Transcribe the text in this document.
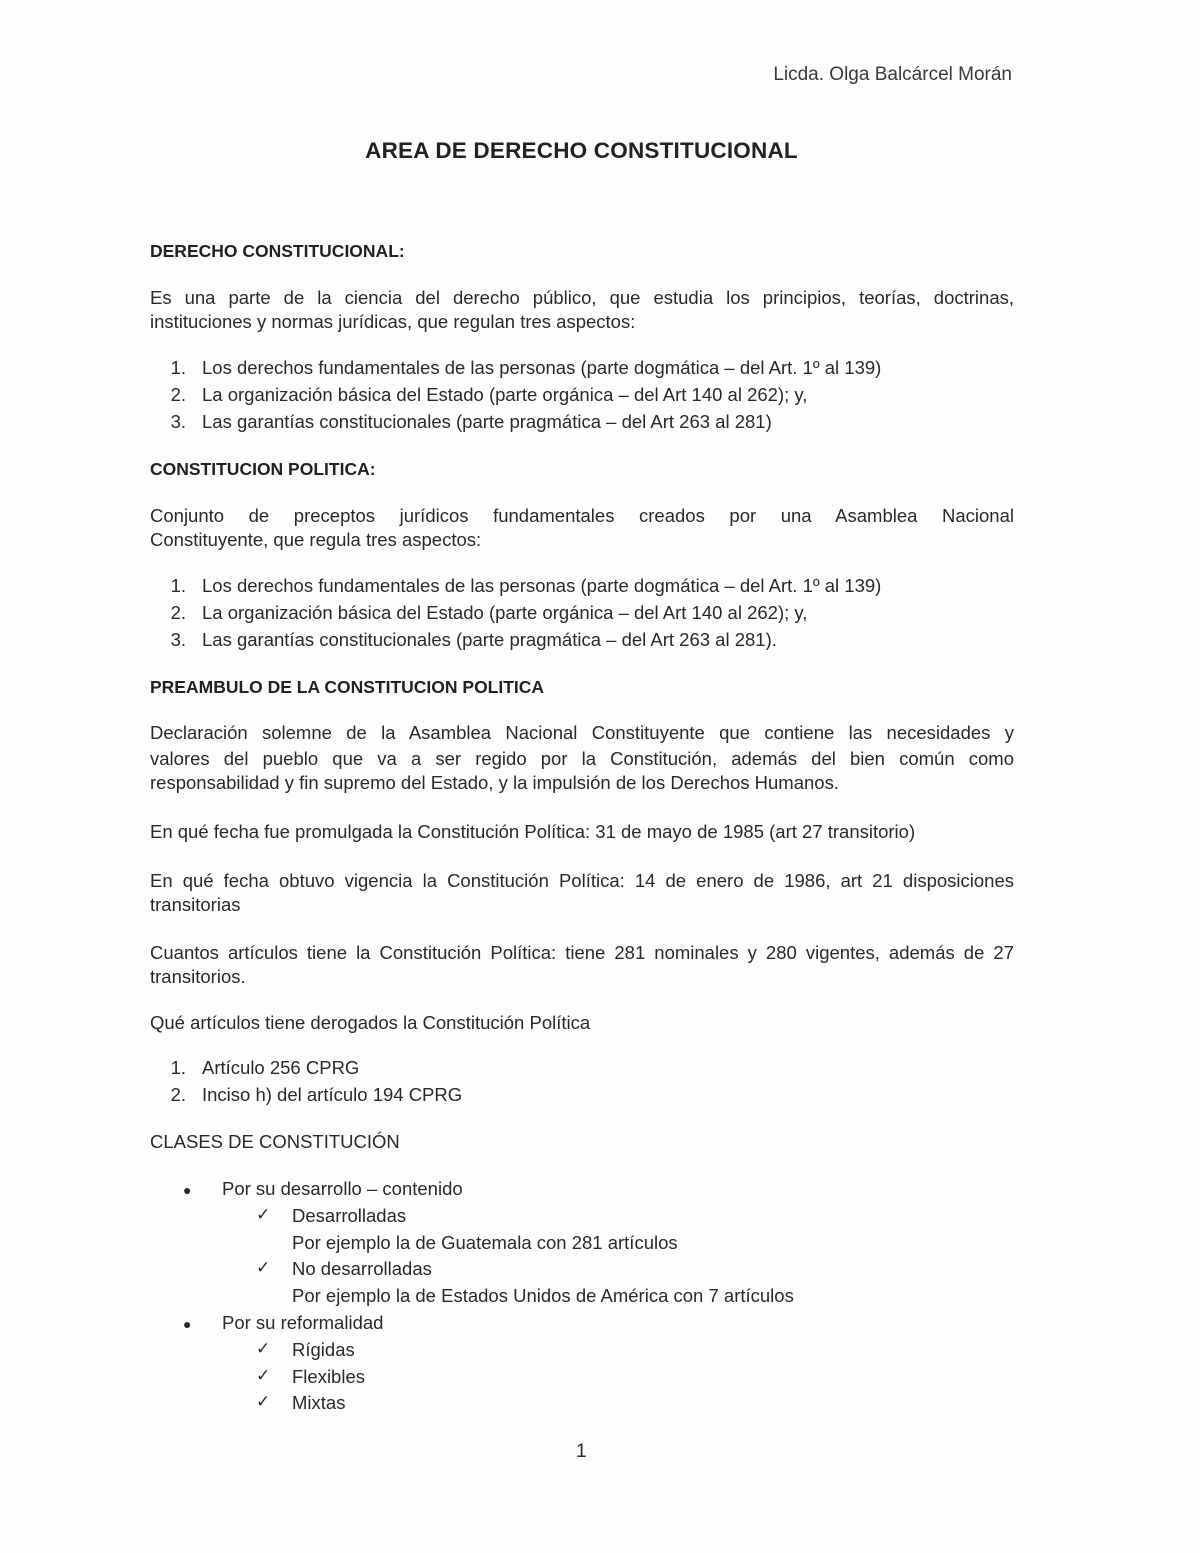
Licda. Olga Balcárcel Morán
AREA DE DERECHO CONSTITUCIONAL
DERECHO CONSTITUCIONAL:
Es una parte de la ciencia del derecho público, que estudia los principios, teorías, doctrinas,
instituciones y normas jurídicas, que regulan tres aspectos:
1. Los derechos fundamentales de las personas (parte dogmática – del Art. 1º al 139)
2. La organización básica del Estado (parte orgánica – del Art 140 al 262); y,
3. Las garantías constitucionales (parte pragmática – del Art 263 al 281)
CONSTITUCION POLITICA:
Conjunto de preceptos jurídicos fundamentales creados por una Asamblea Nacional
Constituyente, que regula tres aspectos:
1. Los derechos fundamentales de las personas (parte dogmática – del Art. 1º al 139)
2. La organización básica del Estado (parte orgánica – del Art 140 al 262); y,
3. Las garantías constitucionales (parte pragmática – del Art 263 al 281).
PREAMBULO DE LA CONSTITUCION POLITICA
Declaración solemne de la Asamblea Nacional Constituyente que contiene las necesidades y
valores del pueblo que va a ser regido por la Constitución, además del bien común como
responsabilidad y fin supremo del Estado, y la impulsión de los Derechos Humanos.
En qué fecha fue promulgada la Constitución Política: 31 de mayo de 1985 (art 27 transitorio)
En qué fecha obtuvo vigencia la Constitución Política: 14 de enero de 1986, art 21 disposiciones
transitorias
Cuantos artículos tiene la Constitución Política: tiene 281 nominales y 280 vigentes, además de 27
transitorios.
Qué artículos tiene derogados la Constitución Política
1. Artículo 256 CPRG
2. Inciso h) del artículo 194 CPRG
CLASES DE CONSTITUCIÓN
● Por su desarrollo – contenido
✓ Desarrolladas
Por ejemplo la de Guatemala con 281 artículos
✓ No desarrolladas
Por ejemplo la de Estados Unidos de América con 7 artículos
● Por su reformalidad
✓ Rígidas
✓ Flexibles
✓ Mixtas
1
